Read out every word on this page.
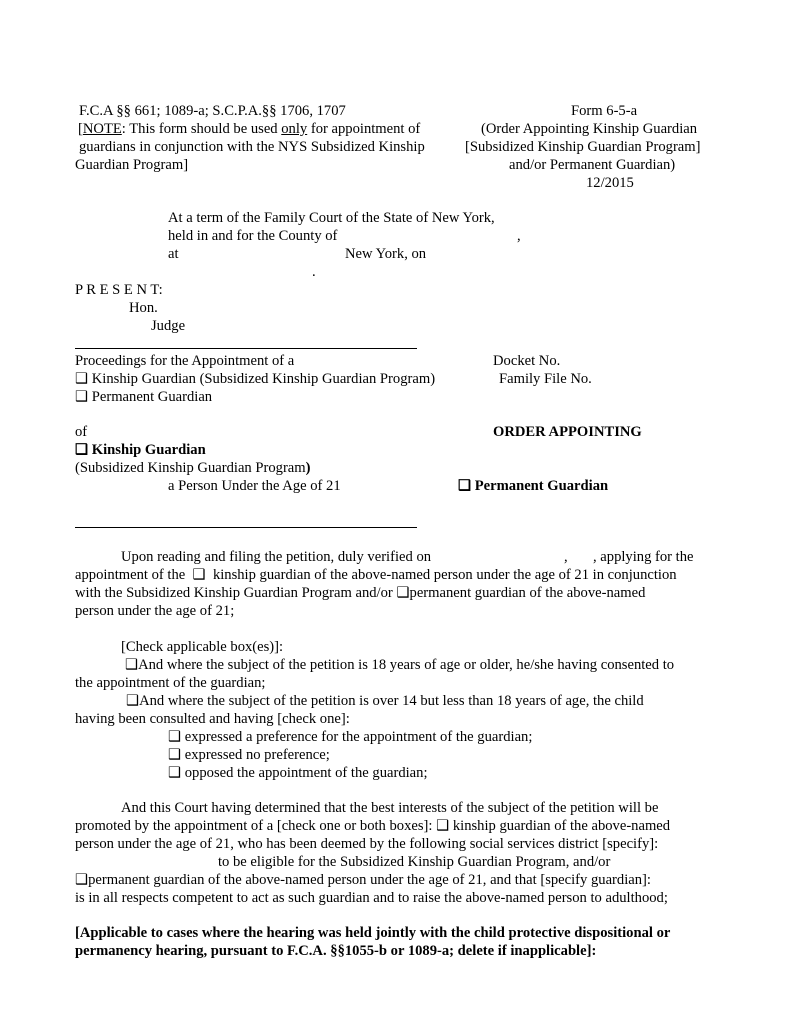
F.C.A §§ 661; 1089-a; S.C.P.A.§§ 1706, 1707
[NOTE: This form should be used only for appointment of
guardians in conjunction with the NYS Subsidized Kinship
Guardian Program]
Form 6-5-a
(Order Appointing Kinship Guardian
[Subsidized Kinship Guardian Program]
and/or Permanent Guardian)
12/2015
At a term of the Family Court of the State of New York,
held in and for the County of	,
at	New York, on
.
P R E S E N T:
Hon.
Judge
Proceedings for the Appointment of a
❑ Kinship Guardian (Subsidized Kinship Guardian Program)
❑ Permanent Guardian
of
❑ Kinship Guardian
(Subsidized Kinship Guardian Program)
a Person Under the Age of 21
Docket No.
Family File No.
ORDER APPOINTING
❑ Permanent Guardian
Upon reading and filing the petition, duly verified on	, , applying for the
appointment of the ❑ kinship guardian of the above-named person under the age of 21 in conjunction
with the Subsidized Kinship Guardian Program and/or ❑permanent guardian of the above-named
person under the age of 21;
[Check applicable box(es)]:
❑And where the subject of the petition is 18 years of age or older, he/she having consented to
the appointment of the guardian;
❑And where the subject of the petition is over 14 but less than 18 years of age, the child
having been consulted and having [check one]:
❑ expressed a preference for the appointment of the guardian;
❑ expressed no preference;
❑ opposed the appointment of the guardian;
And this Court having determined that the best interests of the subject of the petition will be
promoted by the appointment of a [check one or both boxes]: ❑ kinship guardian of the above-named
person under the age of 21, who has been deemed by the following social services district [specify]:
to be eligible for the Subsidized Kinship Guardian Program, and/or
❑permanent guardian of the above-named person under the age of 21, and that [specify guardian]:
is in all respects competent to act as such guardian and to raise the above-named person to adulthood;
[Applicable to cases where the hearing was held jointly with the child protective dispositional or
permanency hearing, pursuant to F.C.A. §§1055-b or 1089-a; delete if inapplicable]:
